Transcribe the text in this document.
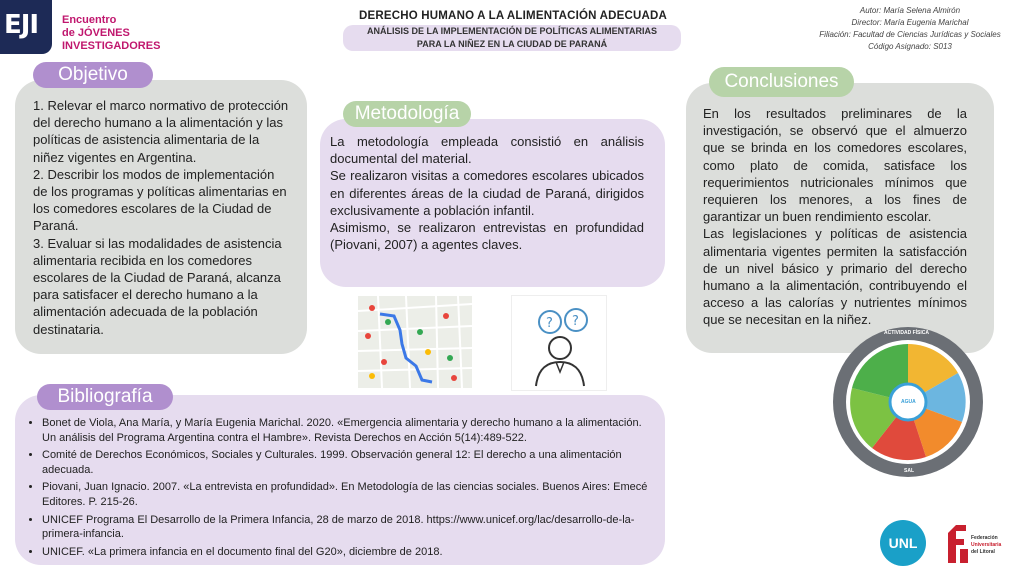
EJI Encuentro
de JÓVENES
INVESTIGADORES
DERECHO HUMANO A LA ALIMENTACIÓN ADECUADA
ANÁLISIS DE LA IMPLEMENTACIÓN DE POLÍTICAS ALIMENTARIAS
PARA LA NIÑEZ EN LA CIUDAD DE PARANÁ
Autor: María Selena Almirón
Director: María Eugenia Marichal
Filiación: Facultad de Ciencias Jurídicas y Sociales
Código Asignado: S013
Objetivo
1. Relevar el marco normativo de protección del derecho humano a la alimentación y las políticas de asistencia alimentaria de la niñez vigentes en Argentina.
2. Describir los modos de implementación de los programas y políticas alimentarias en los comedores escolares de la Ciudad de Paraná.
3. Evaluar si las modalidades de asistencia alimentaria recibida en los comedores escolares de la Ciudad de Paraná, alcanza para satisfacer el derecho humano a la alimentación adecuada de la población destinataria.
Metodología
La metodología empleada consistió en análisis documental del material.
Se realizaron visitas a comedores escolares ubicados en diferentes áreas de la ciudad de Paraná, dirigidos exclusivamente a población infantil.
Asimismo, se realizaron entrevistas en profundidad (Piovani, 2007) a agentes claves.
? ?
OBJETIVOS	Conclusiones
En los resultados preliminares de la investigación, se observó que el almuerzo que se brinda en los comedores escolares, como plato de comida, satisface los requerimientos nutricionales mínimos que requieren los menores, a los fines de garantizar un buen rendimiento escolar.
Las legislaciones y políticas de asistencia alimentaria vigentes permiten la satisfacción de un nivel básico y primario del derecho humano a la alimentación, contribuyendo el acceso a las calorías y nutrientes mínimos que se necesitan en la niñez.
Bibliografía
• Bonet de Viola, Ana María, y María Eugenia Marichal. 2020. «Emergencia alimentaria y derecho humano a la alimentación. Un análisis del Programa Argentina contra el Hambre». Revista Derechos en Acción 5(14):489-522.
• Comité de Derechos Económicos, Sociales y Culturales. 1999. Observación general 12: El derecho a una alimentación adecuada.
• Piovani, Juan Ignacio. 2007. «La entrevista en profundidad». En Metodología de las ciencias sociales. Buenos Aires: Emecé Editores. P. 215-26.
• UNICEF Programa El Desarrollo de la Primera Infancia, 28 de marzo de 2018. https://www.unicef.org/lac/desarrollo-de-la-primera-infancia.
• UNICEF. «La primera infancia en el documento final del G20», diciembre de 2018.
ACTIVIDAD FÍSICA
AGUA
SAL
UNL	Federación
Universitaria
del Litoral
